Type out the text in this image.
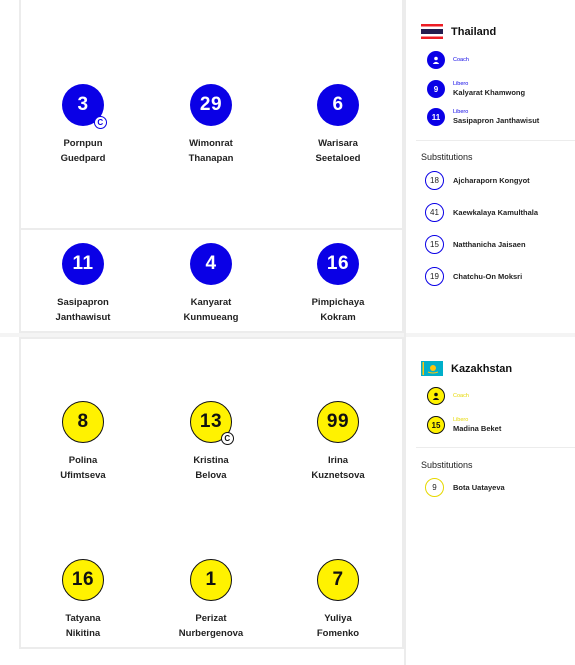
3
C
Pornpun
Guedpard
29
Wimonrat
Thanapan
6
Warisara
Seetaloed
11
Sasipapron
Janthawisut
4
Kanyarat
Kunmueang
16
Pimpichaya
Kokram
8
Polina
Ufimtseva
13
C
Kristina
Belova
99
Irina
Kuznetsova
16
Tatyana
Nikitina
1
Perizat
Nurbergenova
7
Yuliya
Fomenko
Thailand
Coach
9
Libero
Kalyarat Khamwong
11
Libero
Sasipapron Janthawisut
Substitutions
18	Ajcharaporn Kongyot
41	Kaewkalaya Kamulthala
15	Natthanicha Jaisaen
19	Chatchu-On Moksri
Kazakhstan
Coach
15
Libero
Madina Beket
Substitutions
9	Bota Uatayeva
